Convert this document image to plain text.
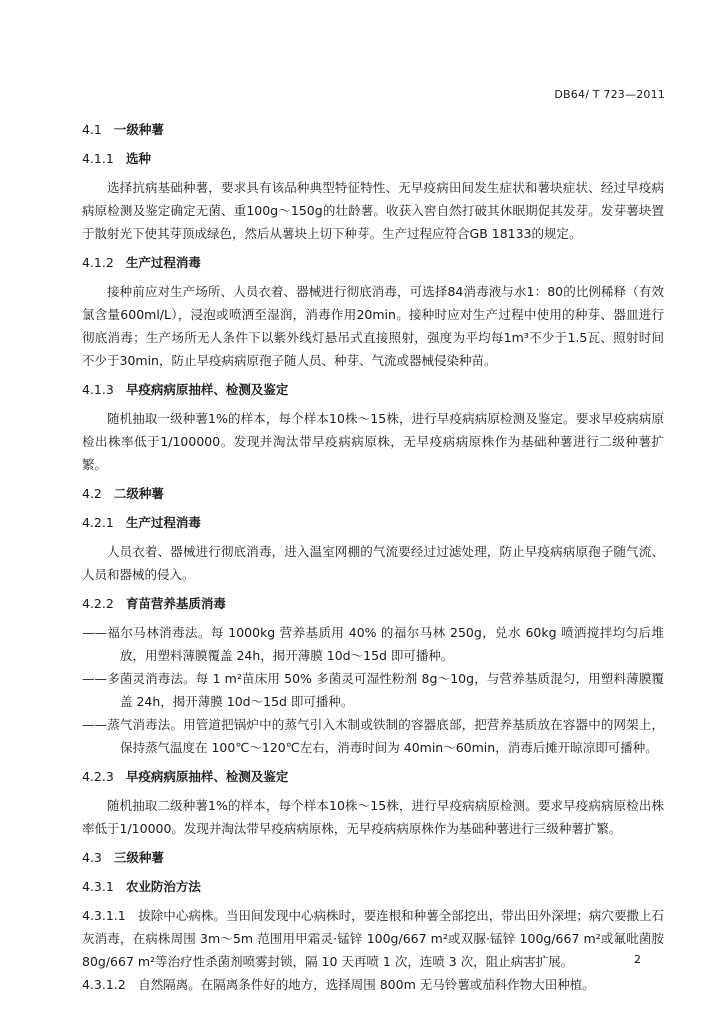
DB64/ T 723—2011
4.1 一级种薯
4.1.1 选种
选择抗病基础种薯，要求具有该品种典型特征特性、无早疫病田间发生症状和薯块症状、经过早疫病病原检测及鉴定确定无菌、重100g～150g的壮龄薯。收获入窖自然打破其休眠期促其发芽。发芽薯块置于散射光下使其芽顶成绿色，然后从薯块上切下种芽。生产过程应符合GB 18133的规定。
4.1.2 生产过程消毒
接种前应对生产场所、人员衣着、器械进行彻底消毒，可选择84消毒液与水1：80的比例稀释（有效氯含量600ml/L），浸泡或喷洒至湿润，消毒作用20min。接种时应对生产过程中使用的种芽、器皿进行彻底消毒；生产场所无人条件下以紫外线灯悬吊式直接照射，强度为平均每1m³不少于1.5瓦、照射时间不少于30min，防止早疫病病原孢子随人员、种芽、气流或器械侵染种苗。
4.1.3 早疫病病原抽样、检测及鉴定
随机抽取一级种薯1%的样本，每个样本10株～15株，进行早疫病病原检测及鉴定。要求早疫病病原检出株率低于1/100000。发现并淘汰带早疫病病原株，无早疫病病原株作为基础种薯进行二级种薯扩繁。
4.2 二级种薯
4.2.1 生产过程消毒
人员衣着、器械进行彻底消毒，进入温室网棚的气流要经过过滤处理，防止早疫病病原孢子随气流、人员和器械的侵入。
4.2.2 育苗营养基质消毒
——福尔马林消毒法。每 1000kg 营养基质用 40% 的福尔马林 250g，兑水 60kg 喷洒搅拌均匀后堆放，用塑料薄膜覆盖 24h，揭开薄膜 10d～15d 即可播种。
——多菌灵消毒法。每 1 m²苗床用 50% 多菌灵可湿性粉剂 8g～10g，与营养基质混匀，用塑料薄膜覆盖 24h，揭开薄膜 10d～15d 即可播种。
——蒸气消毒法。用管道把锅炉中的蒸气引入木制或铁制的容器底部，把营养基质放在容器中的网架上，保持蒸气温度在 100℃～120℃左右，消毒时间为 40min～60min，消毒后摊开晾凉即可播种。
4.2.3 早疫病病原抽样、检测及鉴定
随机抽取二级种薯1%的样本，每个样本10株～15株，进行早疫病病原检测。要求早疫病病原检出株率低于1/10000。发现并淘汰带早疫病病原株，无早疫病病原株作为基础种薯进行三级种薯扩繁。
4.3 三级种薯
4.3.1 农业防治方法
4.3.1.1　拔除中心病株。当田间发现中心病株时，要连根和种薯全部挖出，带出田外深埋；病穴要撒上石灰消毒，在病株周围 3m～5m 范围用甲霜灵·锰锌 100g/667 m²或双脲·锰锌 100g/667 m²或氟吡菌胺 80g/667 m²等治疗性杀菌剂喷雾封锁，隔 10 天再喷 1 次，连喷 3 次，阻止病害扩展。
4.3.1.2　自然隔离。在隔离条件好的地方，选择周围 800m 无马铃薯或茄科作物大田种植。
2
